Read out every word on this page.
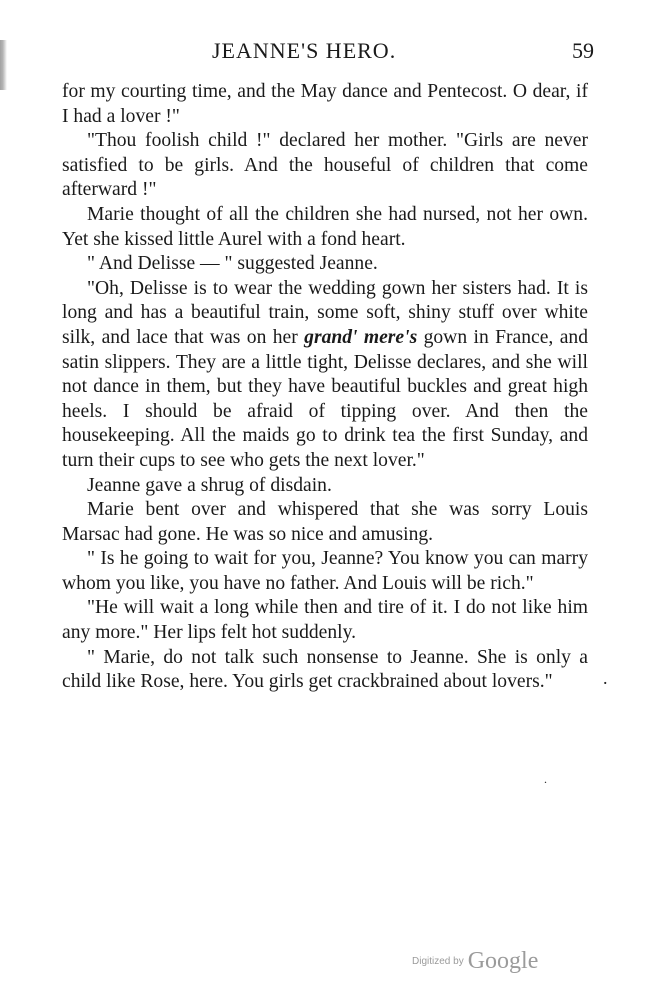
JEANNE'S HERO.	59

for my courting time, and the May dance and Pentecost. O dear, if I had a lover !"

"Thou foolish child !" declared her mother. "Girls are never satisfied to be girls. And the houseful of children that come afterward !"

Marie thought of all the children she had nursed, not her own. Yet she kissed little Aurel with a fond heart.

" And Delisse — " suggested Jeanne.

"Oh, Delisse is to wear the wedding gown her sisters had. It is long and has a beautiful train, some soft, shiny stuff over white silk, and lace that was on her grand' mere's gown in France, and satin slippers. They are a little tight, Delisse declares, and she will not dance in them, but they have beautiful buckles and great high heels. I should be afraid of tipping over. And then the housekeeping. All the maids go to drink tea the first Sunday, and turn their cups to see who gets the next lover."

Jeanne gave a shrug of disdain.

Marie bent over and whispered that she was sorry Louis Marsac had gone. He was so nice and amusing.

" Is he going to wait for you, Jeanne? You know you can marry whom you like, you have no father. And Louis will be rich."

"He will wait a long while then and tire of it. I do not like him any more." Her lips felt hot suddenly.

" Marie, do not talk such nonsense to Jeanne. She is only a child like Rose, here. You girls get crackbrained about lovers."	.
.
Digitized by Google
